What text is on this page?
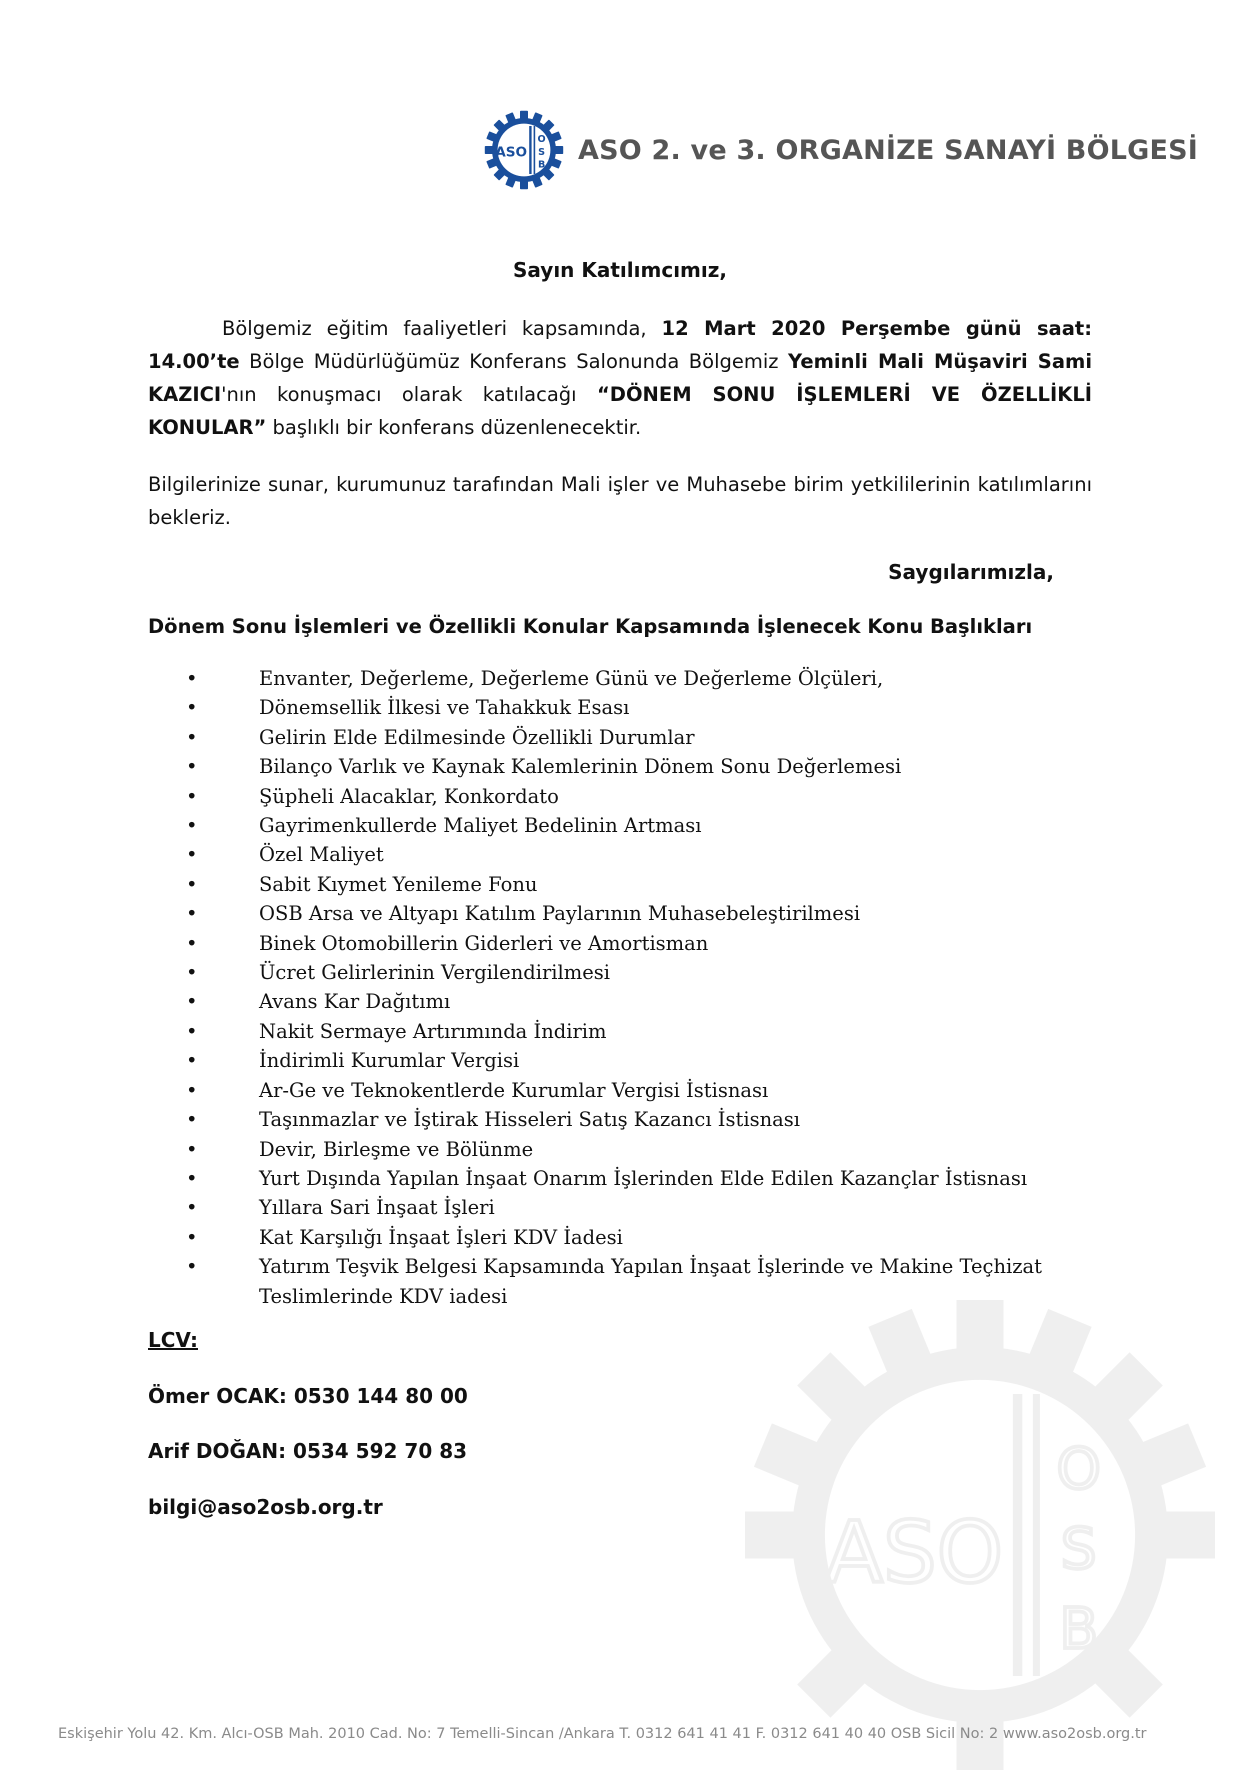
ASO
O
S
B ASO 2. ve 3. ORGANİZE SANAYİ BÖLGESİ
ASO
O
S
B
Sayın Katılımcımız,
Bölgemiz eğitim faaliyetleri kapsamında, 12 Mart 2020 Perşembe günü saat: 14.00’te Bölge Müdürlüğümüz Konferans Salonunda Bölgemiz Yeminli Mali Müşaviri Sami KAZICI'nın konuşmacı olarak katılacağı “DÖNEM SONU İŞLEMLERİ VE ÖZELLİKLİ KONULAR” başlıklı bir konferans düzenlenecektir.
Bilgilerinize sunar, kurumunuz tarafından Mali işler ve Muhasebe birim yetkililerinin katılımlarını bekleriz.
Saygılarımızla,
Dönem Sonu İşlemleri ve Özellikli Konular Kapsamında İşlenecek Konu Başlıkları
•	Envanter, Değerleme, Değerleme Günü ve Değerleme Ölçüleri,
•	Dönemsellik İlkesi ve Tahakkuk Esası
•	Gelirin Elde Edilmesinde Özellikli Durumlar
•	Bilanço Varlık ve Kaynak Kalemlerinin Dönem Sonu Değerlemesi
•	Şüpheli Alacaklar, Konkordato
•	Gayrimenkullerde Maliyet Bedelinin Artması
•	Özel Maliyet
•	Sabit Kıymet Yenileme Fonu
•	OSB Arsa ve Altyapı Katılım Paylarının Muhasebeleştirilmesi
•	Binek Otomobillerin Giderleri ve Amortisman
•	Ücret Gelirlerinin Vergilendirilmesi
•	Avans Kar Dağıtımı
•	Nakit Sermaye Artırımında İndirim
•	İndirimli Kurumlar Vergisi
•	Ar-Ge ve Teknokentlerde Kurumlar Vergisi İstisnası
•	Taşınmazlar ve İştirak Hisseleri Satış Kazancı İstisnası
•	Devir, Birleşme ve Bölünme
•	Yurt Dışında Yapılan İnşaat Onarım İşlerinden Elde Edilen Kazançlar İstisnası
•	Yıllara Sari İnşaat İşleri
•	Kat Karşılığı İnşaat İşleri KDV İadesi
•	Yatırım Teşvik Belgesi Kapsamında Yapılan İnşaat İşlerinde ve Makine Teçhizat Teslimlerinde KDV iadesi
LCV:
Ömer OCAK: 0530 144 80 00
Arif DOĞAN: 0534 592 70 83
bilgi@aso2osb.org.tr
Eskişehir Yolu 42. Km. Alcı-OSB Mah. 2010 Cad. No: 7 Temelli-Sincan /Ankara T. 0312 641 41 41 F. 0312 641 40 40 OSB Sicil No: 2 www.aso2osb.org.tr
